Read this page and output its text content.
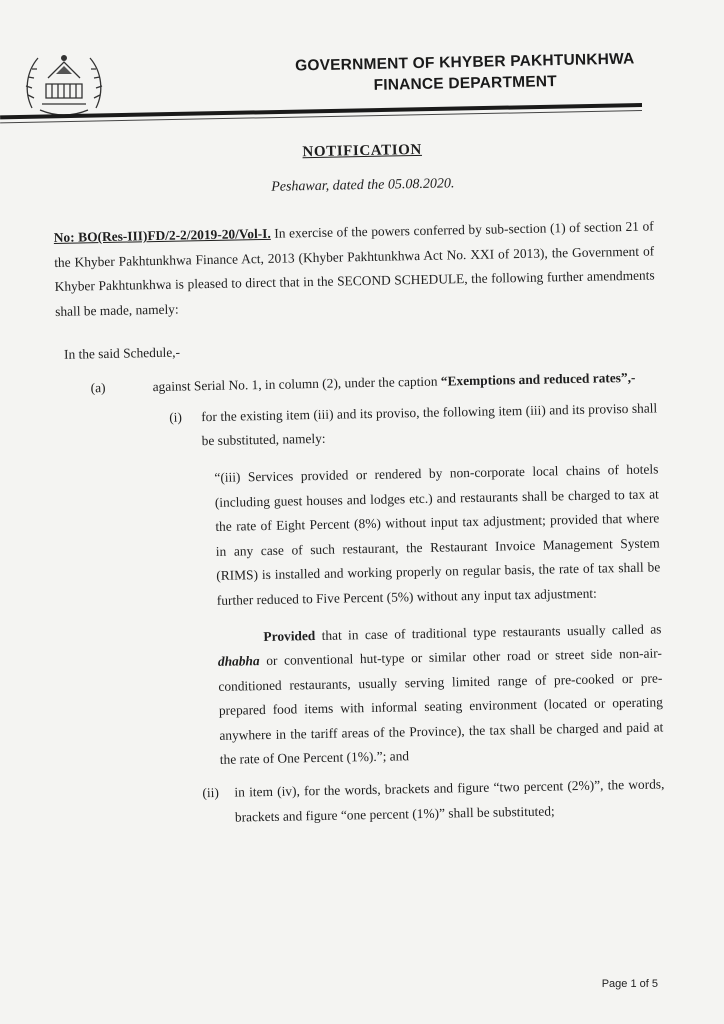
GOVERNMENT OF KHYBER PAKHTUNKHWA
FINANCE DEPARTMENT
NOTIFICATION
Peshawar, dated the 05.08.2020.

No: BO(Res-III)FD/2-2/2019-20/Vol-I. In exercise of the powers conferred by sub-section (1) of section 21 of the Khyber Pakhtunkhwa Finance Act, 2013 (Khyber Pakhtunkhwa Act No. XXI of 2013), the Government of Khyber Pakhtunkhwa is pleased to direct that in the SECOND SCHEDULE, the following further amendments shall be made, namely:

In the said Schedule,-
(a)	against Serial No. 1, in column (2), under the caption “Exemptions and reduced rates”,-
(i)	for the existing item (iii) and its proviso, the following item (iii) and its proviso shall be substituted, namely:
“(iii) Services provided or rendered by non-corporate local chains of hotels (including guest houses and lodges etc.) and restaurants shall be charged to tax at the rate of Eight Percent (8%) without input tax adjustment; provided that where in any case of such restaurant, the Restaurant Invoice Management System (RIMS) is installed and working properly on regular basis, the rate of tax shall be further reduced to Five Percent (5%) without any input tax adjustment:
Provided that in case of traditional type restaurants usually called as dhabha or conventional hut-type or similar other road or street side non-air-conditioned restaurants, usually serving limited range of pre-cooked or pre-prepared food items with informal seating environment (located or operating anywhere in the tariff areas of the Province), the tax shall be charged and paid at the rate of One Percent (1%).”; and
(ii)	in item (iv), for the words, brackets and figure “two percent (2%)”, the words, brackets and figure “one percent (1%)” shall be substituted;
Page 1 of 5
